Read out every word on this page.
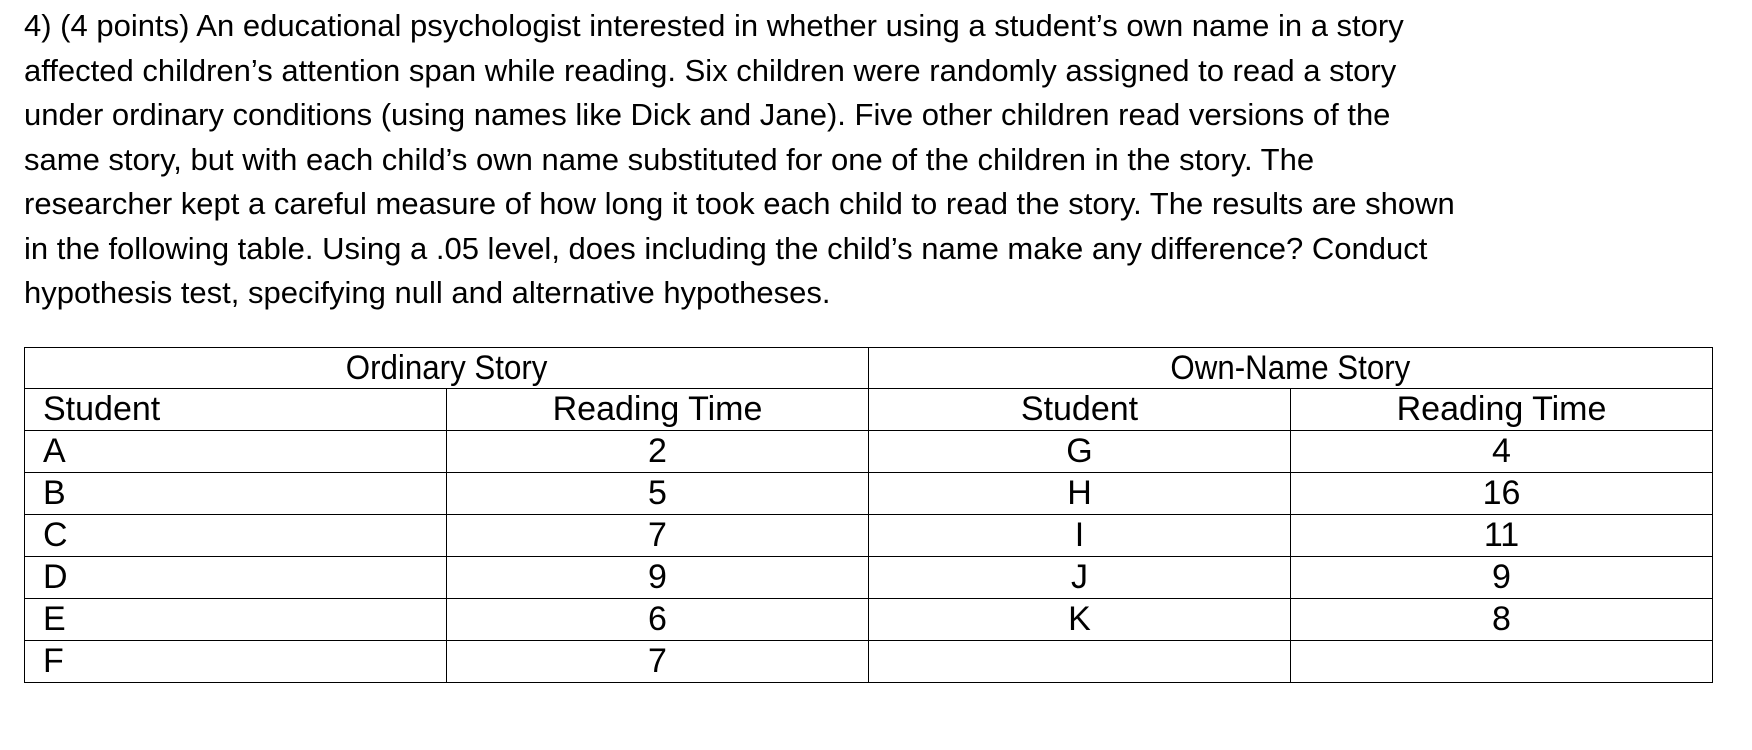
4) (4 points) An educational psychologist interested in whether using a student’s own name in a story
affected children’s attention span while reading. Six children were randomly assigned to read a story
under ordinary conditions (using names like Dick and Jane). Five other children read versions of the
same story, but with each child’s own name substituted for one of the children in the story. The
researcher kept a careful measure of how long it took each child to read the story. The results are shown
in the following table. Using a .05 level, does including the child’s name make any difference? Conduct
hypothesis test, specifying null and alternative hypotheses.
Ordinary Story		Own-Name Story	
Student	Reading Time	Student	Reading Time
A	2	G	4
B	5	H	16
C	7	I	11
D	9	J	9
E	6	K	8
F	7		
